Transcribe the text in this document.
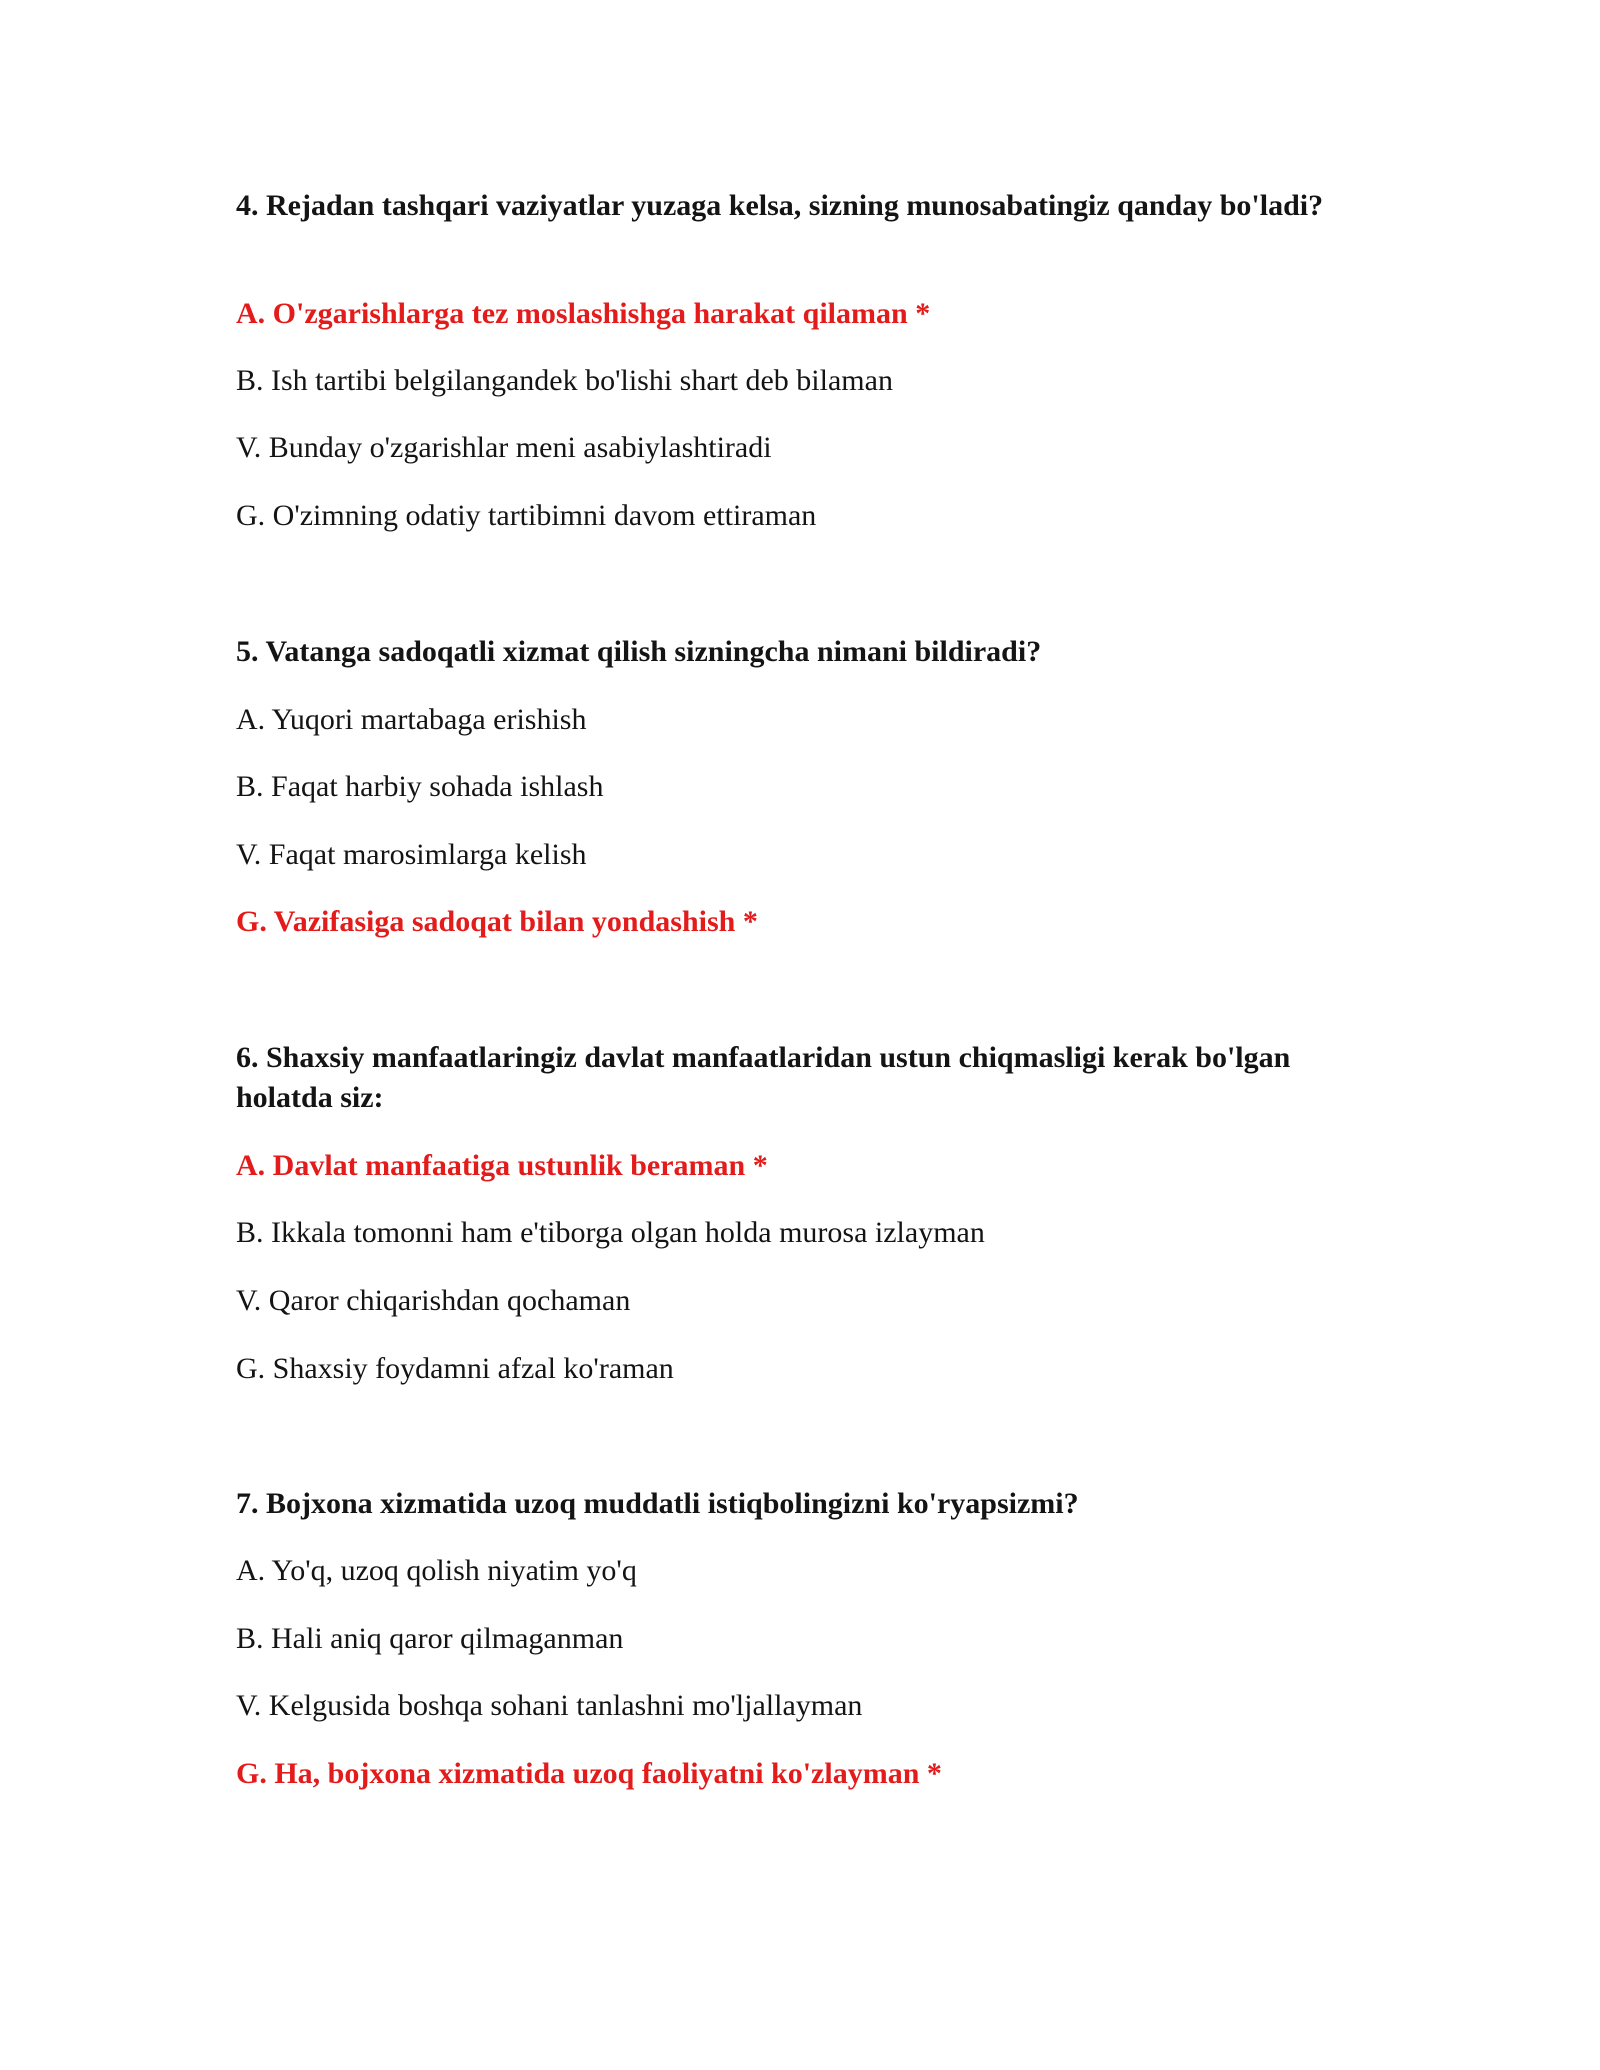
4. Rejadan tashqari vaziyatlar yuzaga kelsa, sizning munosabatingiz qanday bo'ladi?

A. O'zgarishlarga tez moslashishga harakat qilaman *

B. Ish tartibi belgilangandek bo'lishi shart deb bilaman

V. Bunday o'zgarishlar meni asabiylashtiradi

G. O'zimning odatiy tartibimni davom ettiraman

5. Vatanga sadoqatli xizmat qilish sizningcha nimani bildiradi?

A. Yuqori martabaga erishish

B. Faqat harbiy sohada ishlash

V. Faqat marosimlarga kelish

G. Vazifasiga sadoqat bilan yondashish *

6. Shaxsiy manfaatlaringiz davlat manfaatlaridan ustun chiqmasligi kerak bo'lgan holatda siz:

A. Davlat manfaatiga ustunlik beraman *

B. Ikkala tomonni ham e'tiborga olgan holda murosa izlayman

V. Qaror chiqarishdan qochaman

G. Shaxsiy foydamni afzal ko'raman

7. Bojxona xizmatida uzoq muddatli istiqbolingizni ko'ryapsizmi?

A. Yo'q, uzoq qolish niyatim yo'q

B. Hali aniq qaror qilmaganman

V. Kelgusida boshqa sohani tanlashni mo'ljallayman

G. Ha, bojxona xizmatida uzoq faoliyatni ko'zlayman *
